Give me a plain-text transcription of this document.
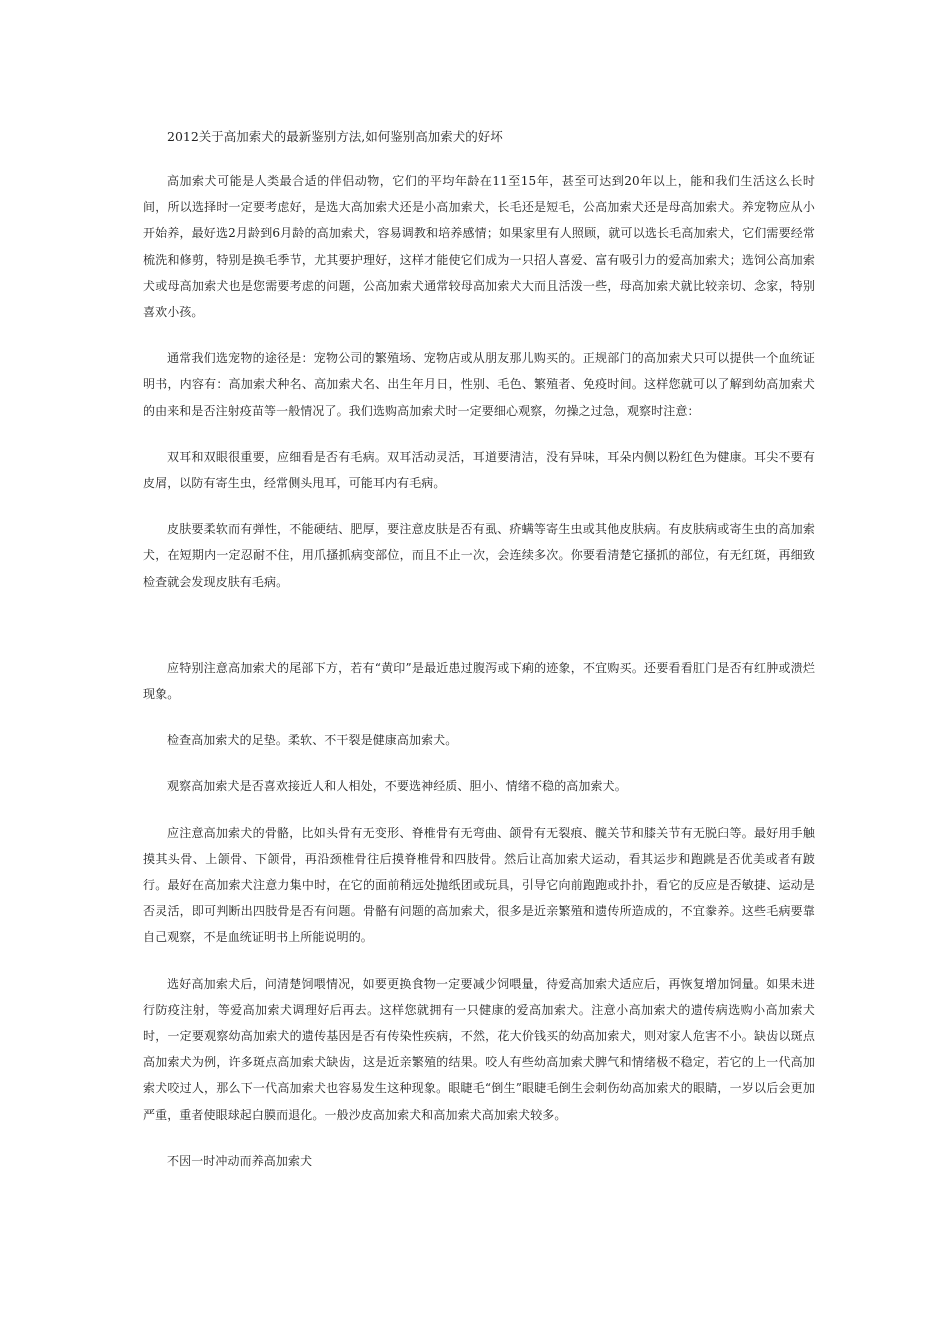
2012关于高加索犬的最新鉴别方法,如何鉴别高加索犬的好坏

高加索犬可能是人类最合适的伴侣动物，它们的平均年龄在11至15年，甚至可达到20年以上，能和我们生活这么长时间，所以选择时一定要考虑好，是选大高加索犬还是小高加索犬，长毛还是短毛，公高加索犬还是母高加索犬。养宠物应从小开始养，最好选2月龄到6月龄的高加索犬，容易调教和培养感情；如果家里有人照顾，就可以选长毛高加索犬，它们需要经常梳洗和修剪，特别是换毛季节，尤其要护理好，这样才能使它们成为一只招人喜爱、富有吸引力的爱高加索犬；选饲公高加索犬或母高加索犬也是您需要考虑的问题，公高加索犬通常较母高加索犬大而且活泼一些，母高加索犬就比较亲切、念家，特别喜欢小孩。

通常我们选宠物的途径是：宠物公司的繁殖场、宠物店或从朋友那儿购买的。正规部门的高加索犬只可以提供一个血统证明书，内容有：高加索犬种名、高加索犬名、出生年月日，性别、毛色、繁殖者、免疫时间。这样您就可以了解到幼高加索犬的由来和是否注射疫苗等一般情况了。我们选购高加索犬时一定要细心观察，勿操之过急，观察时注意：

双耳和双眼很重要，应细看是否有毛病。双耳活动灵活，耳道要清洁，没有异味，耳朵内侧以粉红色为健康。耳尖不要有皮屑，以防有寄生虫，经常侧头甩耳，可能耳内有毛病。

皮肤要柔软而有弹性，不能硬结、肥厚，要注意皮肤是否有虱、疥螨等寄生虫或其他皮肤病。有皮肤病或寄生虫的高加索犬，在短期内一定忍耐不住，用爪搔抓病变部位，而且不止一次，会连续多次。你要看清楚它搔抓的部位，有无红斑，再细致检查就会发现皮肤有毛病。

应特别注意高加索犬的尾部下方，若有“黄印”是最近患过腹泻或下痢的迹象，不宜购买。还要看看肛门是否有红肿或溃烂现象。

检查高加索犬的足垫。柔软、不干裂是健康高加索犬。

观察高加索犬是否喜欢接近人和人相处，不要选神经质、胆小、情绪不稳的高加索犬。

应注意高加索犬的骨骼，比如头骨有无变形、脊椎骨有无弯曲、颌骨有无裂痕、髋关节和膝关节有无脱臼等。最好用手触摸其头骨、上颌骨、下颌骨，再沿颈椎骨往后摸脊椎骨和四肢骨。然后让高加索犬运动，看其运步和跑跳是否优美或者有跛行。最好在高加索犬注意力集中时，在它的面前稍远处抛纸团或玩具，引导它向前跑跑或扑扑，看它的反应是否敏捷、运动是否灵活，即可判断出四肢骨是否有问题。骨骼有问题的高加索犬，很多是近亲繁殖和遗传所造成的，不宜豢养。这些毛病要靠自己观察，不是血统证明书上所能说明的。

选好高加索犬后，问清楚饲喂情况，如要更换食物一定要减少饲喂量，待爱高加索犬适应后，再恢复增加饲量。如果未进行防疫注射，等爱高加索犬调理好后再去。这样您就拥有一只健康的爱高加索犬。注意小高加索犬的遗传病选购小高加索犬时，一定要观察幼高加索犬的遗传基因是否有传染性疾病，不然，花大价钱买的幼高加索犬，则对家人危害不小。缺齿以斑点高加索犬为例，许多斑点高加索犬缺齿，这是近亲繁殖的结果。咬人有些幼高加索犬脾气和情绪极不稳定，若它的上一代高加索犬咬过人，那么下一代高加索犬也容易发生这种现象。眼睫毛“倒生”眼睫毛倒生会刺伤幼高加索犬的眼睛，一岁以后会更加严重，重者使眼球起白膜而退化。一般沙皮高加索犬和高加索犬高加索犬较多。

不因一时冲动而养高加索犬
